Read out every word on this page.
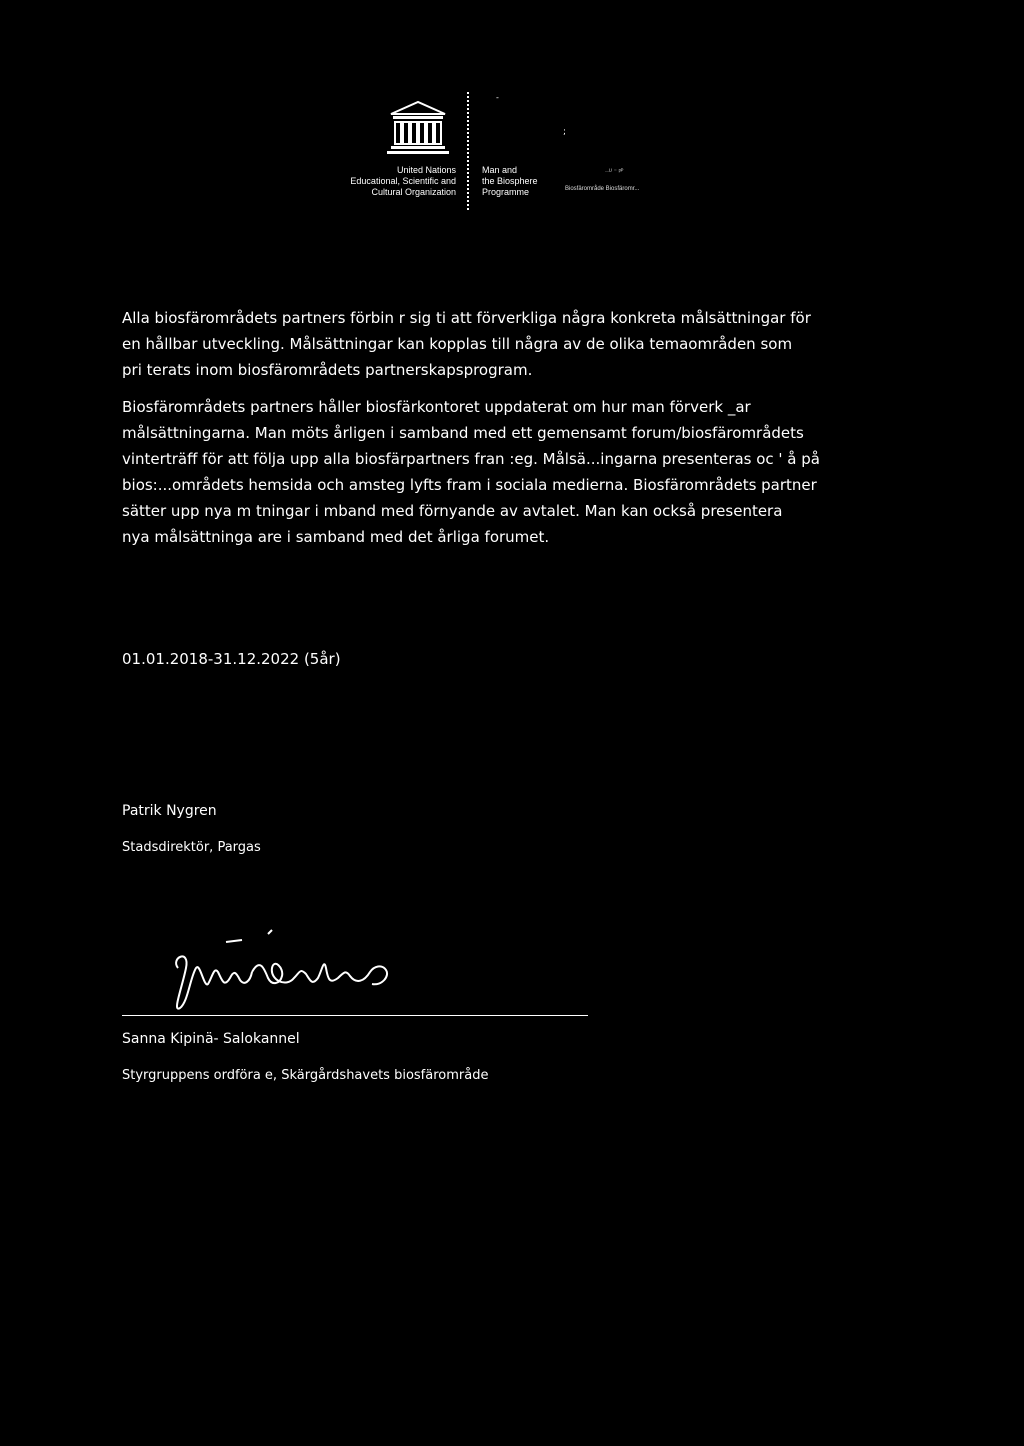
United Nations
Educational, Scientific and
Cultural Organization
-
;
Man and
the Biosphere
Programme
··ᴸᴵ ⁻ ᵖᴾ
Biosfärområde Biosfäromr...

Alla biosfärområdets partners förbin r sig ti att förverkliga några konkreta målsättningar för

en hållbar utveckling. Målsättningar kan kopplas till några av de olika temaområden som

pri terats inom biosfärområdets partnerskapsprogram.

Biosfärområdets partners håller biosfärkontoret uppdaterat om hur man förverk _ar

målsättningarna. Man möts årligen i samband med ett gemensamt forum/biosfärområdets

vinterträff för att följa upp alla biosfärpartners fran :eg. Målsä...ingarna presenteras oc ' å på

bios:...områdets hemsida och amsteg lyfts fram i sociala medierna. Biosfärområdets partner

sätter upp nya m tningar i mband med förnyande av avtalet. Man kan också presentera

nya målsättninga are i samband med det årliga forumet.

01.01.2018-31.12.2022 (5år)
Patrik Nygren
Stadsdirektör, Pargas
Sanna Kipinä- Salokannel
Styrgruppens ordföra e, Skärgårdshavets biosfärområde
